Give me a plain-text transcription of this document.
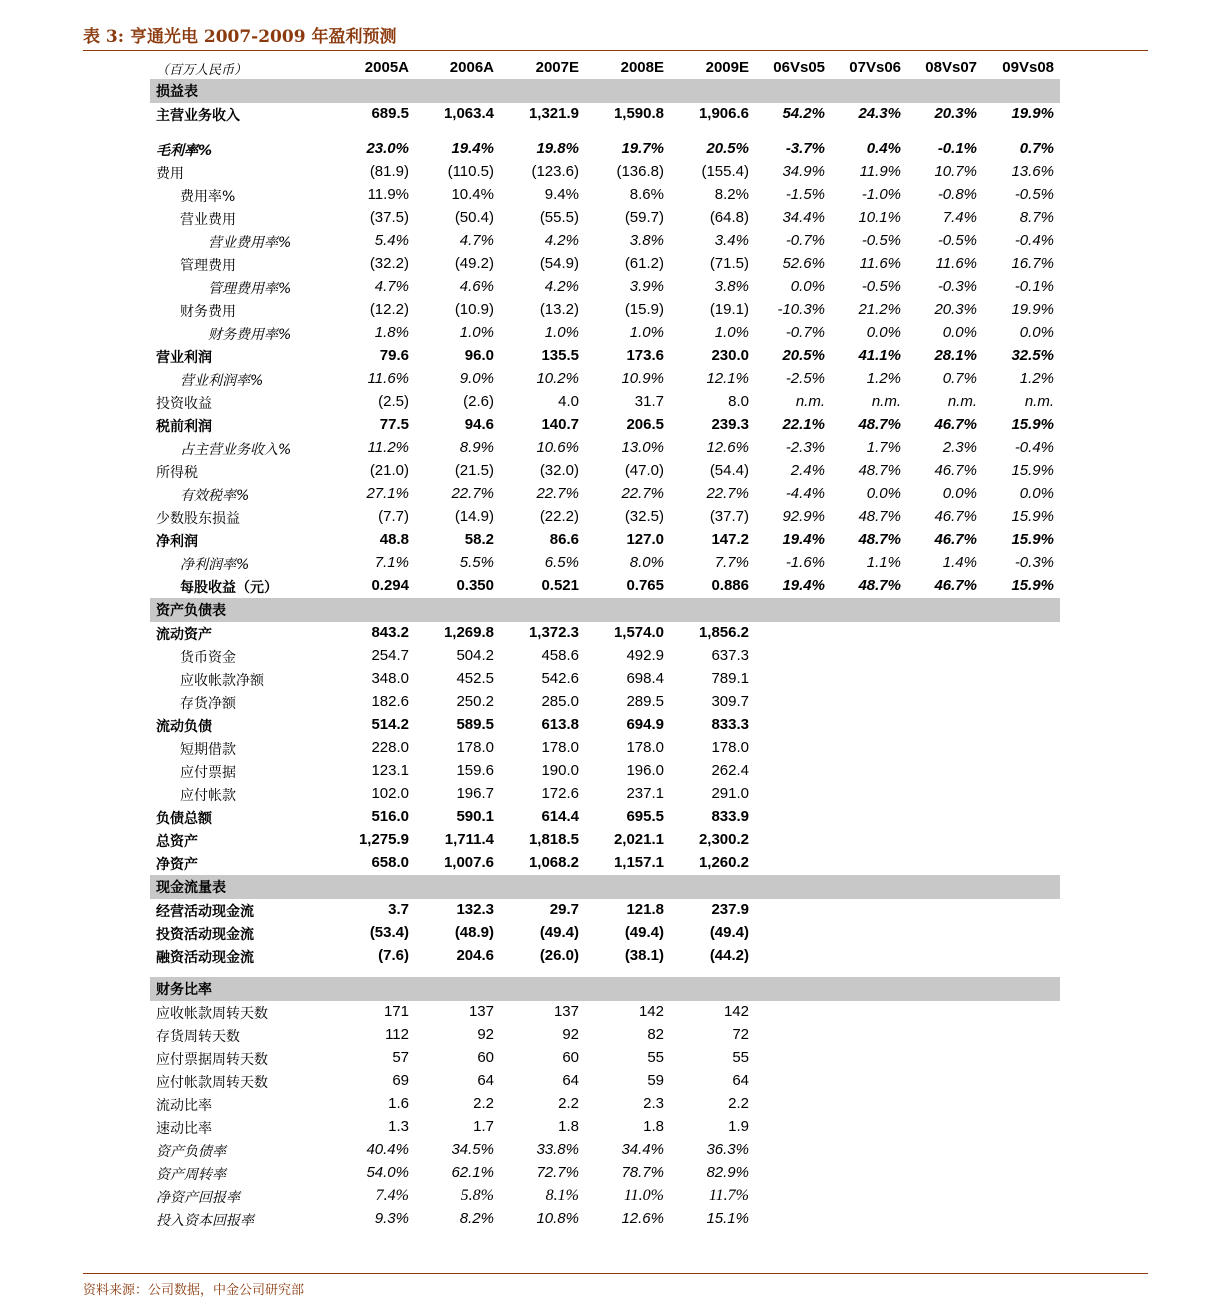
表 3: 亨通光电 2007-2009 年盈利预测
（百万人民币）	2005A	2006A	2007E	2008E	2009E	06Vs05	07Vs06	08Vs07	09Vs08
损益表
主营业务收入	689.5	1,063.4	1,321.9	1,590.8	1,906.6	54.2%	24.3%	20.3%	19.9%
毛利率%	23.0%	19.4%	19.8%	19.7%	20.5%	-3.7%	0.4%	-0.1%	0.7%
费用	(81.9)	(110.5)	(123.6)	(136.8)	(155.4)	34.9%	11.9%	10.7%	13.6%
费用率%	11.9%	10.4%	9.4%	8.6%	8.2%	-1.5%	-1.0%	-0.8%	-0.5%
营业费用	(37.5)	(50.4)	(55.5)	(59.7)	(64.8)	34.4%	10.1%	7.4%	8.7%
营业费用率%	5.4%	4.7%	4.2%	3.8%	3.4%	-0.7%	-0.5%	-0.5%	-0.4%
管理费用	(32.2)	(49.2)	(54.9)	(61.2)	(71.5)	52.6%	11.6%	11.6%	16.7%
管理费用率%	4.7%	4.6%	4.2%	3.9%	3.8%	0.0%	-0.5%	-0.3%	-0.1%
财务费用	(12.2)	(10.9)	(13.2)	(15.9)	(19.1)	-10.3%	21.2%	20.3%	19.9%
财务费用率%	1.8%	1.0%	1.0%	1.0%	1.0%	-0.7%	0.0%	0.0%	0.0%
营业利润	79.6	96.0	135.5	173.6	230.0	20.5%	41.1%	28.1%	32.5%
营业利润率%	11.6%	9.0%	10.2%	10.9%	12.1%	-2.5%	1.2%	0.7%	1.2%
投资收益	(2.5)	(2.6)	4.0	31.7	8.0	n.m.	n.m.	n.m.	n.m.
税前利润	77.5	94.6	140.7	206.5	239.3	22.1%	48.7%	46.7%	15.9%
占主营业务收入%	11.2%	8.9%	10.6%	13.0%	12.6%	-2.3%	1.7%	2.3%	-0.4%
所得税	(21.0)	(21.5)	(32.0)	(47.0)	(54.4)	2.4%	48.7%	46.7%	15.9%
有效税率%	27.1%	22.7%	22.7%	22.7%	22.7%	-4.4%	0.0%	0.0%	0.0%
少数股东损益	(7.7)	(14.9)	(22.2)	(32.5)	(37.7)	92.9%	48.7%	46.7%	15.9%
净利润	48.8	58.2	86.6	127.0	147.2	19.4%	48.7%	46.7%	15.9%
净利润率%	7.1%	5.5%	6.5%	8.0%	7.7%	-1.6%	1.1%	1.4%	-0.3%
每股收益（元）	0.294	0.350	0.521	0.765	0.886	19.4%	48.7%	46.7%	15.9%
资产负债表
流动资产	843.2	1,269.8	1,372.3	1,574.0	1,856.2
货币资金	254.7	504.2	458.6	492.9	637.3
应收帐款净额	348.0	452.5	542.6	698.4	789.1
存货净额	182.6	250.2	285.0	289.5	309.7
流动负债	514.2	589.5	613.8	694.9	833.3
短期借款	228.0	178.0	178.0	178.0	178.0
应付票据	123.1	159.6	190.0	196.0	262.4
应付帐款	102.0	196.7	172.6	237.1	291.0
负债总额	516.0	590.1	614.4	695.5	833.9
总资产	1,275.9	1,711.4	1,818.5	2,021.1	2,300.2
净资产	658.0	1,007.6	1,068.2	1,157.1	1,260.2
现金流量表
经营活动现金流	3.7	132.3	29.7	121.8	237.9
投资活动现金流	(53.4)	(48.9)	(49.4)	(49.4)	(49.4)
融资活动现金流	(7.6)	204.6	(26.0)	(38.1)	(44.2)
财务比率
应收帐款周转天数	171	137	137	142	142
存货周转天数	112	92	92	82	72
应付票据周转天数	57	60	60	55	55
应付帐款周转天数	69	64	64	59	64
流动比率	1.6	2.2	2.2	2.3	2.2
速动比率	1.3	1.7	1.8	1.8	1.9
资产负债率	40.4%	34.5%	33.8%	34.4%	36.3%
资产周转率	54.0%	62.1%	72.7%	78.7%	82.9%
净资产回报率	7.4%	5.8%	8.1%	11.0%	11.7%
投入资本回报率	9.3%	8.2%	10.8%	12.6%	15.1%
资料来源：公司数据，中金公司研究部
